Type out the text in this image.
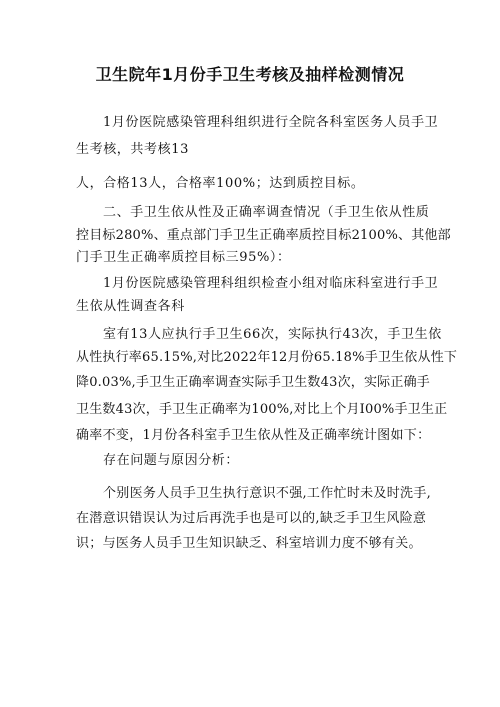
卫生院年1月份手卫生考核及抽样检测情况
1月份医院感染管理科组织进行全院各科室医务人员手卫
生考核，共考核13
人，合格13人，合格率100%；达到质控目标。
二、手卫生依从性及正确率调查情况（手卫生依从性质
控目标280%、重点部门手卫生正确率质控目标2100%、其他部
门手卫生正确率质控目标三95%）：
1月份医院感染管理科组织检查小组对临床科室进行手卫
生依从性调查各科
室有13人应执行手卫生66次，实际执行43次，手卫生依
从性执行率65.15%,对比2022年12月份65.18%手卫生依从性下
降0.03%,手卫生正确率调查实际手卫生数43次，实际正确手
卫生数43次，手卫生正确率为100%,对比上个月I00%手卫生正
确率不变，1月份各科室手卫生依从性及正确率统计图如下：
存在问题与原因分析：
个别医务人员手卫生执行意识不强,工作忙时未及时洗手,
在潜意识错误认为过后再洗手也是可以的,缺乏手卫生风险意
识；与医务人员手卫生知识缺乏、科室培训力度不够有关。
